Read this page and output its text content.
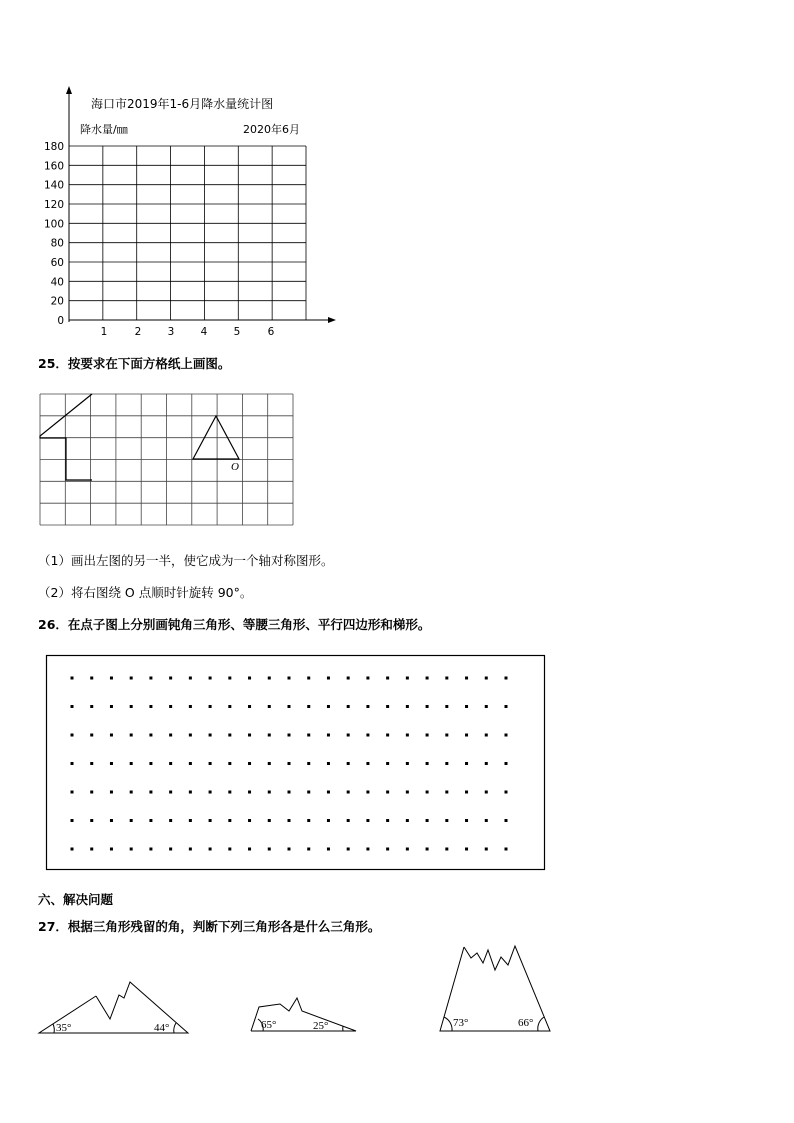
180
160
140
120
100
80
60
40
20
0
1	2	3	4	5	6
海口市2019年1-6月降水量统计图
降水量/㎜	2020年6月
25．按要求在下面方格纸上画图。
O
（1）画出左图的另一半，使它成为一个轴对称图形。
（2）将右图绕 O 点顺时针旋转 90°。
26．在点子图上分别画钝角三角形、等腰三角形、平行四边形和梯形。
六、解决问题
27．根据三角形残留的角，判断下列三角形各是什么三角形。
35°	44°	65°	25°	73°	66°
